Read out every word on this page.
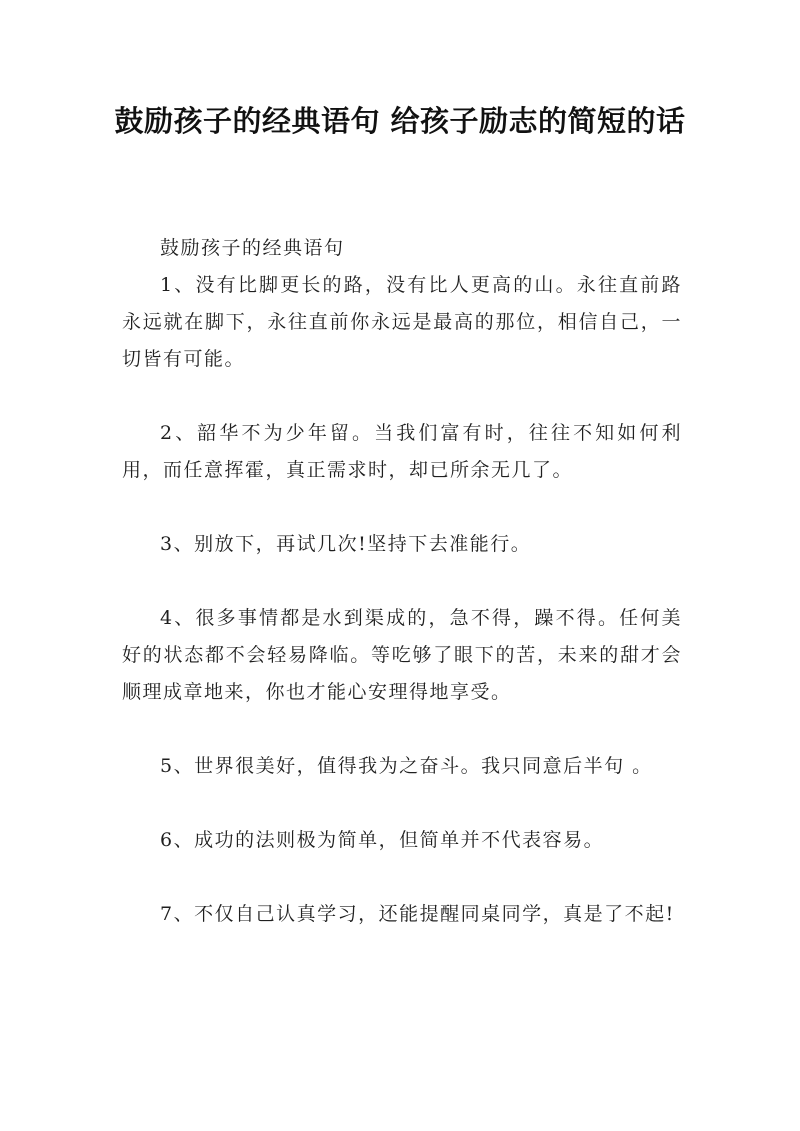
鼓励孩子的经典语句 给孩子励志的简短的话

鼓励孩子的经典语句

1、没有比脚更长的路，没有比人更高的山。永往直前路永远就在脚下，永往直前你永远是最高的那位，相信自己，一切皆有可能。

2、韶华不为少年留。当我们富有时，往往不知如何利用，而任意挥霍，真正需求时，却已所余无几了。

3、别放下，再试几次!坚持下去准能行。

4、很多事情都是水到渠成的，急不得，躁不得。任何美好的状态都不会轻易降临。等吃够了眼下的苦，未来的甜才会顺理成章地来，你也才能心安理得地享受。

5、世界很美好，值得我为之奋斗。我只同意后半句 。

6、成功的法则极为简单，但简单并不代表容易。

7、不仅自己认真学习，还能提醒同桌同学，真是了不起!
